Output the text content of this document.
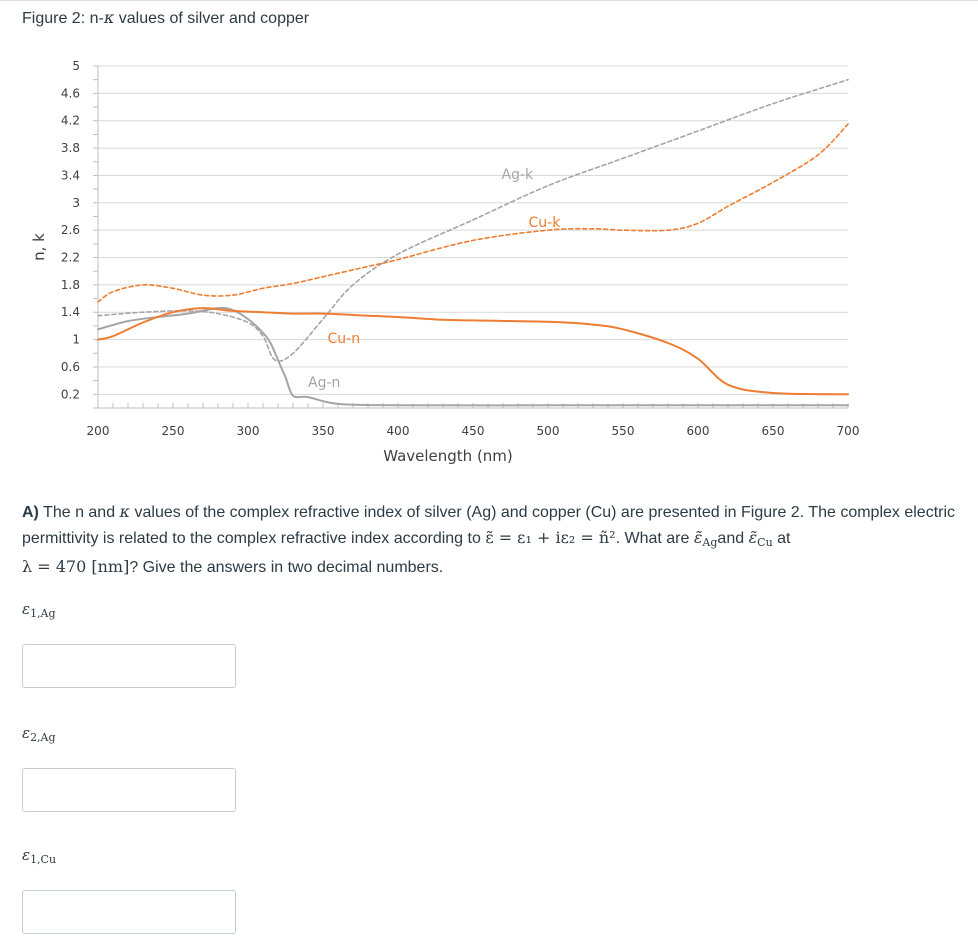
Figure 2: n-κ values of silver and copper
5
4.6
4.2
3.8
3.4
3
2.6
2.2
1.8
1.4
1
0.6
0.2
200	250	300	350	400	450	500	550	600	650	700
Wavelength (nm)
n, k
Ag-k
Cu-k
Cu-n
Ag-n
A) The n and κ values of the complex refractive index of silver (Ag) and copper (Cu) are presented in Figure 2. The complex electric permittivity is related to the complex refractive index according to ε̃ = ε₁ + iε₂ = ñ². What are $\varepsiloñ_{Ag}and$ $\varepsiloñ_{Cu}$ at
λ = 470 [nm]? Give the answers in two decimal numbers.
$\varepsilon_{1,Ag}$
$\varepsilon_{2,Ag}$
$\varepsilon_{1,Cu}$
